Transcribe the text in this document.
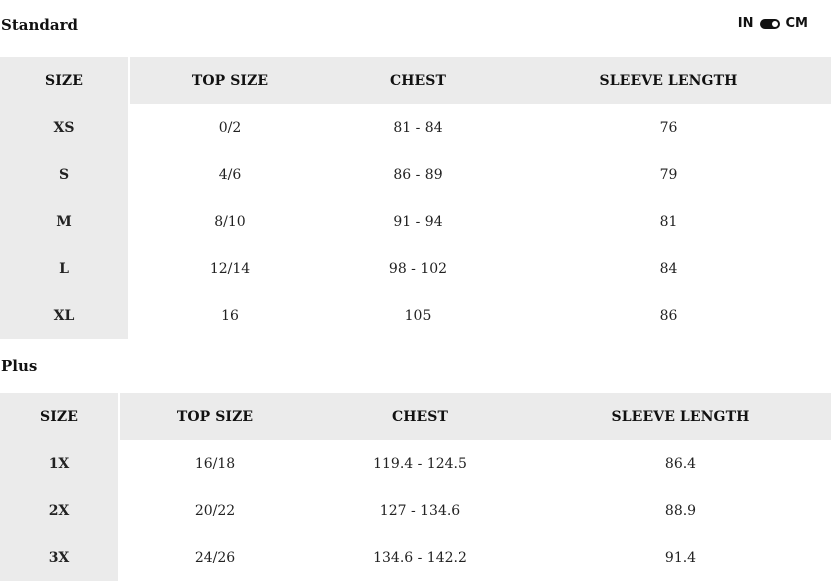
Standard	IN CM
SIZE		TOP SIZE	CHEST	SLEEVE LENGTH
XS		0/2	81 - 84	76
S		4/6	86 - 89	79
M		8/10	91 - 94	81
L		12/14	98 - 102	84
XL		16	105	86
Plus
SIZE		TOP SIZE	CHEST	SLEEVE LENGTH
1X		16/18	119.4 - 124.5	86.4
2X		20/22	127 - 134.6	88.9
3X		24/26	134.6 - 142.2	91.4
